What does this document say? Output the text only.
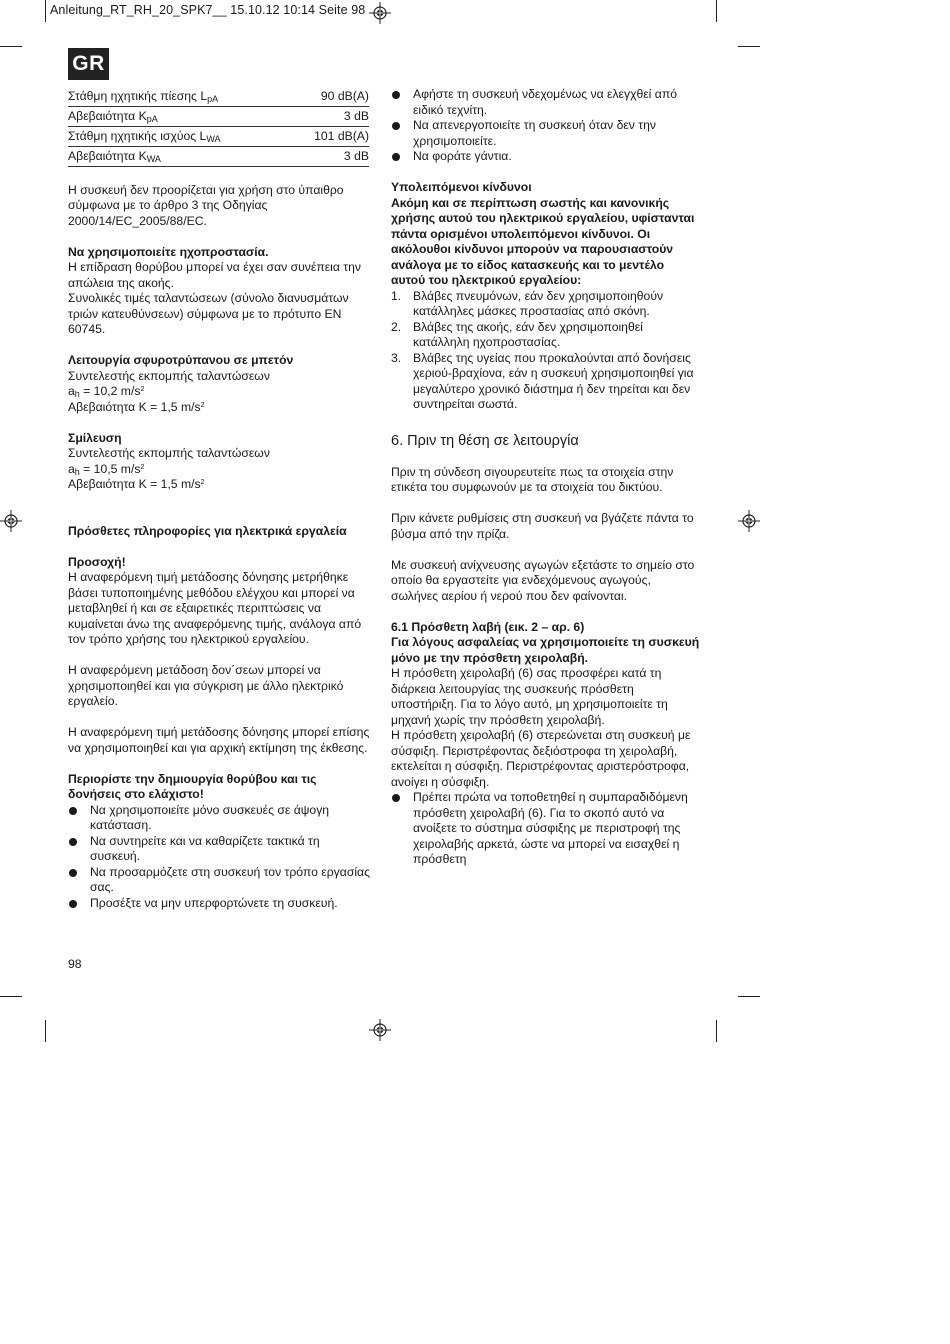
Anleitung_RT_RH_20_SPK7__ 15.10.12 10:14 Seite 98
GR
Στάθμη ηχητικής πίεσης $L_{pA}$	90 dB(A)
Αβεβαιότητα $K_{pA}$	3 dB
Στάθμη ηχητικής ισχύος $L_{WA}$	101 dB(A)
Αβεβαιότητα $K_{WA}$	3 dB

Η συσκευή δεν προορίζεται για χρήση στο ύπαιθρο σύμφωνα με το άρθρο 3 της Οδηγίας 2000/14/EC_2005/88/EC.

Να χρησιμοποιείτε ηχοπροστασία.

Η επίδραση θορύβου μπορεί να έχει σαν συνέπεια την απώλεια της ακοής.

Συνολικές τιμές ταλαντώσεων (σύνολο διανυσμάτων τριών κατευθύνσεων) σύμφωνα με το πρότυπο EN 60745.

Λειτουργία σφυροτρύπανου σε μπετόν

Συντελεστής εκπομπής ταλαντώσεων

$a_h = 10,2$ $m/s^2$

Αβεβαιότητα K = 1,5 $m/s^2$

Σμίλευση

Συντελεστής εκπομπής ταλαντώσεων

$a_h = 10,5$ $m/s^2$

Αβεβαιότητα K = 1,5 $m/s^2$

Πρόσθετες πληροφορίες για ηλεκτρικά εργαλεία

Προσοχή!

Η αναφερόμενη τιμή μετάδοσης δόνησης μετρήθηκε βάσει τυποποιημένης μεθόδου ελέγχου και μπορεί να μεταβληθεί ή και σε εξαιρετικές περιπτώσεις να κυμαίνεται άνω της αναφερόμενης τιμής, ανάλογα από τον τρόπο χρήσης του ηλεκτρικού εργαλείου.

Η αναφερόμενη μετάδοση δον΄σεων μπορεί να χρησιμοποιηθεί και για σύγκριση με άλλο ηλεκτρικό εργαλείο.

Η αναφερόμενη τιμή μετάδοσης δόνησης μπορεί επίσης να χρησιμοποιηθεί και για αρχική εκτίμηση της έκθεσης.

Περιορίστε την δημιουργία θορύβου και τις δονήσεις στο ελάχιστο!

Να χρησιμοποιείτε μόνο συσκευές σε άψογη κατάσταση.
Να συντηρείτε και να καθαρίζετε τακτικά τη συσκευή.
Να προσαρμόζετε στη συσκευή τον τρόπο εργασίας σας.
Προσέξτε να μην υπερφορτώνετε τη συσκευή.
Αφήστε τη συσκευή νδεχομένως να ελεγχθεί από ειδικό τεχνίτη.
Να απενεργοποιείτε τη συσκευή όταν δεν την χρησιμοποιείτε.
Να φοράτε γάντια.

Υπολειπόμενοι κίνδυνοι

Ακόμη και σε περίπτωση σωστής και κανονικής χρήσης αυτού του ηλεκτρικού εργαλείου, υφίστανται πάντα ορισμένοι υπολειπόμενοι κίνδυνοι. Οι ακόλουθοι κίνδυνοι μπορούν να παρουσιαστούν ανάλογα με το είδος κατασκευής και το μεντέλο αυτού του ηλεκτρικού εργαλείου:

1. Βλάβες πνευμόνων, εάν δεν χρησιμοποιηθούν κατάλληλες μάσκες προστασίας από σκόνη.
2. Βλάβες της ακοής, εάν δεν χρησιμοποιηθεί κατάλληλη ηχοπροστασίας.
3. Βλάβες της υγείας που προκαλούνται από δονήσεις χεριού-βραχίονα, εάν η συσκευή χρησιμοποιηθεί για μεγαλύτερο χρονικό διάστημα ή δεν τηρείται και δεν συντηρείται σωστά.

6. Πριν τη θέση σε λειτουργία

Πριν τη σύνδεση σιγουρευτείτε πως τα στοιχεία στην ετικέτα του συμφωνούν με τα στοιχεία του δικτύου.

Πριν κάνετε ρυθμίσεις στη συσκευή να βγάζετε πάντα το βύσμα από την πρίζα.

Με συσκευή ανίχνευσης αγωγών εξετάστε το σημείο στο οποίο θα εργαστείτε για ενδεχόμενους αγωγούς, σωλήνες αερίου ή νερού που δεν φαίνονται.

6.1 Πρόσθετη λαβή (εικ. 2 – αρ. 6)

Για λόγους ασφαλείας να χρησιμοποιείτε τη συσκευή μόνο με την πρόσθετη χειρολαβή.

Η πρόσθετη χειρολαβή (6) σας προσφέρει κατά τη διάρκεια λειτουργίας της συσκευής πρόσθετη υποστήριξη. Για το λόγο αυτό, μη χρησιμοποιείτε τη μηχανή χωρίς την πρόσθετη χειρολαβή.

Η πρόσθετη χειρολαβή (6) στερεώνεται στη συσκευή με σύσφιξη. Περιστρέφοντας δεξιόστροφα τη χειρολαβή, εκτελείται η σύσφιξη. Περιστρέφοντας αριστερόστροφα, ανοίγει η σύσφιξη.

Πρέπει πρώτα να τοποθετηθεί η συμπαραδιδόμενη πρόσθετη χειρολαβή (6). Για το σκοπό αυτό να ανοίξετε το σύστημα σύσφιξης με περιστροφή της χειρολαβής αρκετά, ώστε να μπορεί να εισαχθεί η πρόσθετη
98
